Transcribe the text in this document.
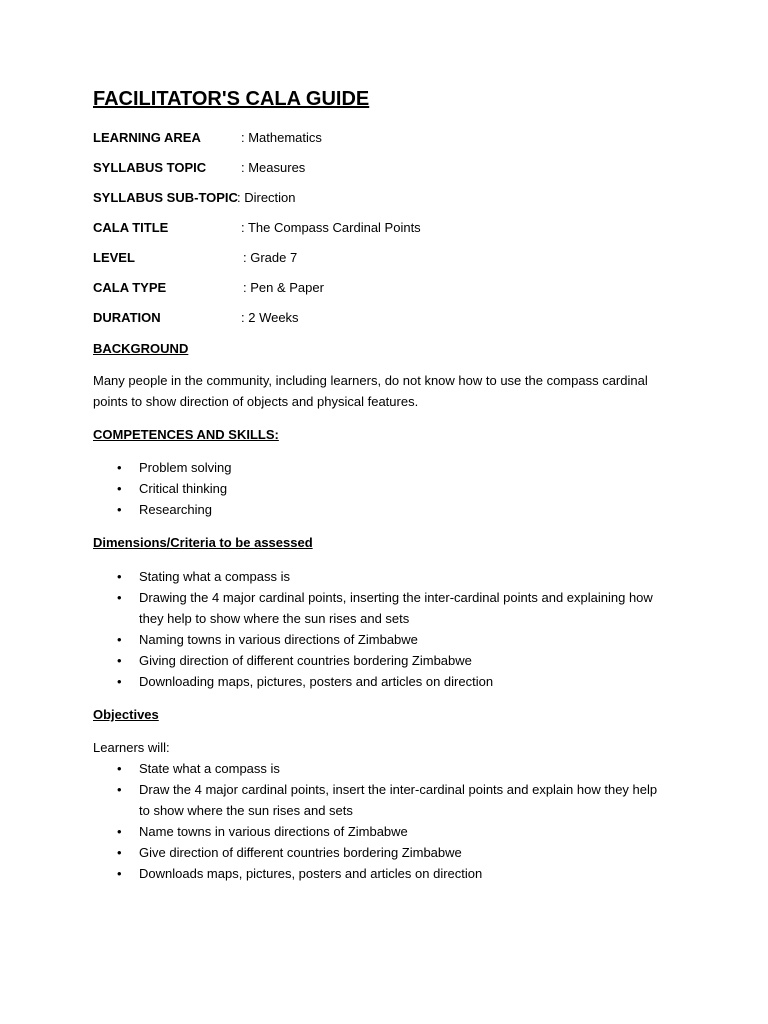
FACILITATOR'S CALA GUIDE
LEARNING AREA	: Mathematics
SYLLABUS TOPIC	: Measures
SYLLABUS SUB-TOPIC : Direction
CALA TITLE	: The Compass Cardinal Points
LEVEL	: Grade 7
CALA TYPE	: Pen & Paper
DURATION	: 2 Weeks
BACKGROUND
Many people in the community, including learners, do not know how to use the compass cardinal points to show direction of objects and physical features.
COMPETENCES AND SKILLS:
• Problem solving
• Critical thinking
• Researching
Dimensions/Criteria to be assessed
• Stating what a compass is
• Drawing the 4 major cardinal points, inserting the inter-cardinal points and explaining how they help to show where the sun rises and sets
• Naming towns in various directions of Zimbabwe
• Giving direction of different countries bordering Zimbabwe
• Downloading maps, pictures, posters and articles on direction
Objectives
Learners will:
• State what a compass is
• Draw the 4 major cardinal points, insert the inter-cardinal points and explain how they help to show where the sun rises and sets
• Name towns in various directions of Zimbabwe
• Give direction of different countries bordering Zimbabwe
• Downloads maps, pictures, posters and articles on direction
